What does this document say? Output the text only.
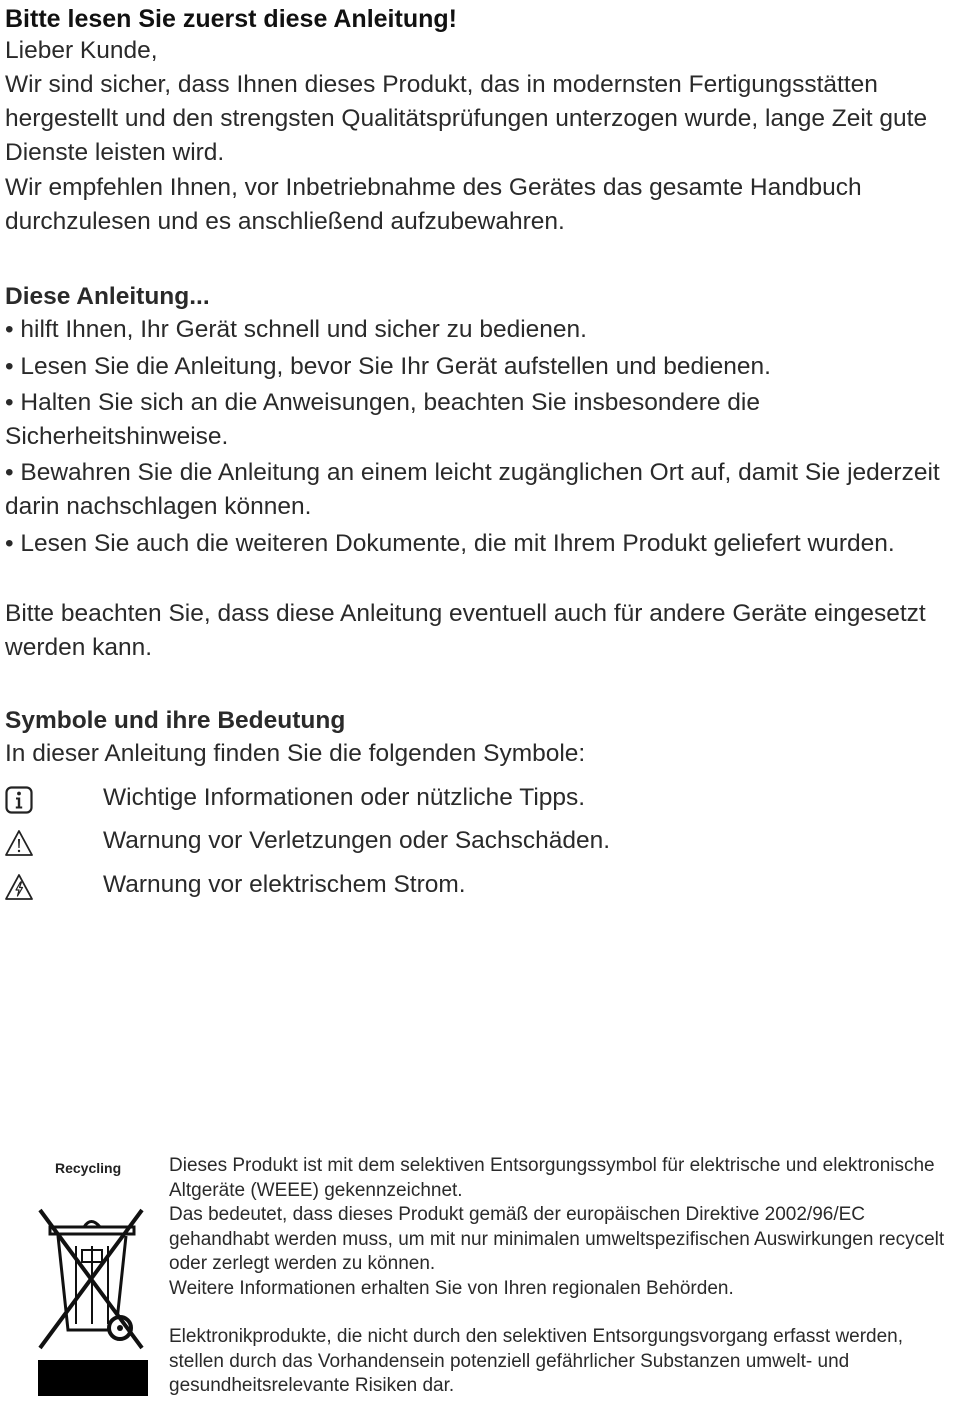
Bitte lesen Sie zuerst diese Anleitung!
Lieber Kunde,
Wir sind sicher, dass Ihnen dieses Produkt, das in modernsten Fertigungsstätten hergestellt und den strengsten Qualitätsprüfungen unterzogen wurde, lange Zeit gute Dienste leisten wird.
Wir empfehlen Ihnen, vor Inbetriebnahme des Gerätes das gesamte Handbuch durchzulesen und es anschließend aufzubewahren.
Diese Anleitung...
• hilft Ihnen, Ihr Gerät schnell und sicher zu bedienen.
• Lesen Sie die Anleitung, bevor Sie Ihr Gerät aufstellen und bedienen.
• Halten Sie sich an die Anweisungen, beachten Sie insbesondere die Sicherheitshinweise.
• Bewahren Sie die Anleitung an einem leicht zugänglichen Ort auf, damit Sie jederzeit darin nachschlagen können.
• Lesen Sie auch die weiteren Dokumente, die mit Ihrem Produkt geliefert wurden.
Bitte beachten Sie, dass diese Anleitung eventuell auch für andere Geräte eingesetzt werden kann.
Symbole und ihre Bedeutung
In dieser Anleitung finden Sie die folgenden Symbole:
Wichtige Informationen oder nützliche Tipps.
Warnung vor Verletzungen oder Sachschäden.
Warnung vor elektrischem Strom.
Recycling	Dieses Produkt ist mit dem selektiven Entsorgungssymbol für elektrische und elektronische Altgeräte (WEEE) gekennzeichnet.
Das bedeutet, dass dieses Produkt gemäß der europäischen Direktive 2002/96/EC gehandhabt werden muss, um mit nur minimalen umweltspezifischen Auswirkungen recycelt oder zerlegt werden zu können.
Weitere Informationen erhalten Sie von Ihren regionalen Behörden.
Elektronikprodukte, die nicht durch den selektiven Entsorgungsvorgang erfasst werden, stellen durch das Vorhandensein potenziell gefährlicher Substanzen umwelt- und gesundheitsrelevante Risiken dar.
